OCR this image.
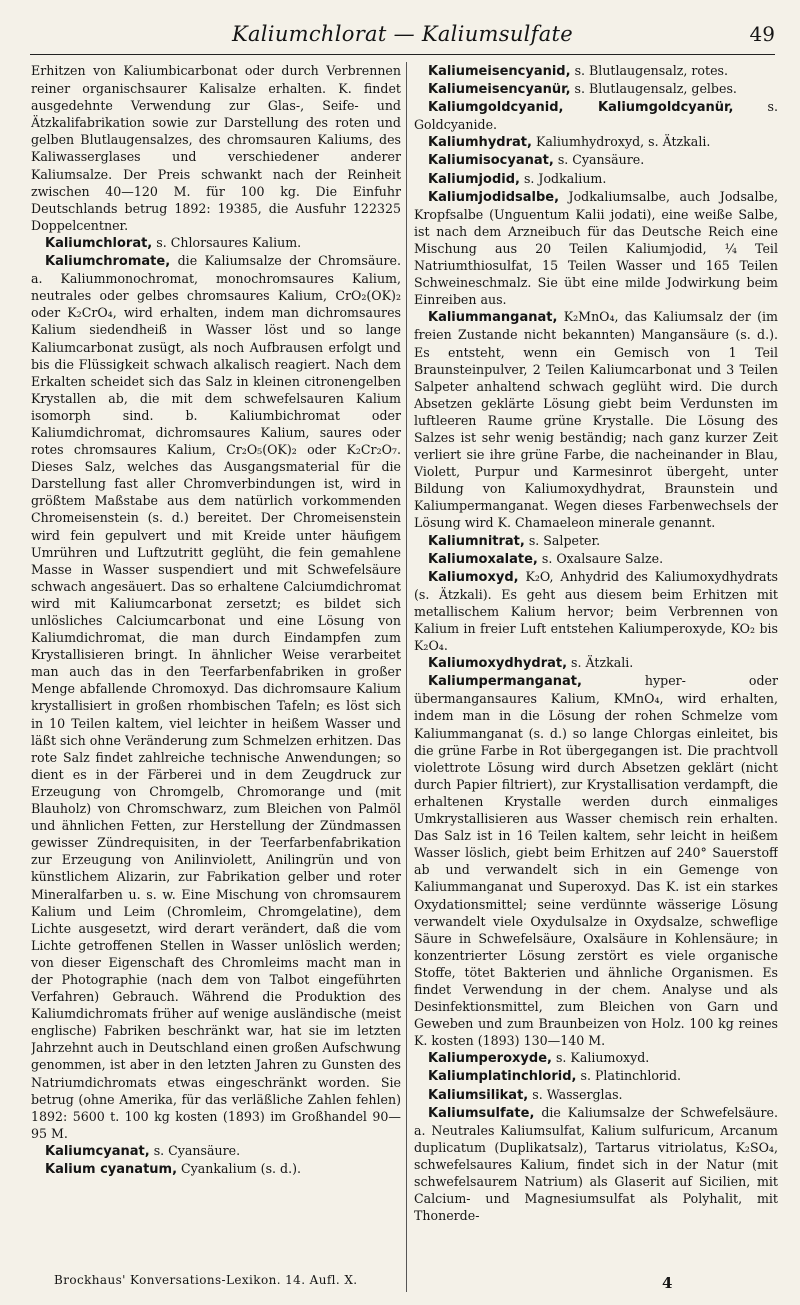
Kaliumchlorat — Kaliumsulfate	49

Erhitzen von Kaliumbicarbonat oder durch Verbrennen reiner organischsaurer Kalisalze erhalten. K. findet ausgedehnte Verwendung zur Glas-, Seife- und Ätzkalifabrikation sowie zur Darstellung des roten und gelben Blutlaugensalzes, des chromsauren Kaliums, des Kaliwasserglases und verschiedener anderer Kaliumsalze. Der Preis schwankt nach der Reinheit zwischen 40—120 M. für 100 kg. Die Einfuhr Deutschlands betrug 1892: 19385, die Ausfuhr 122325 Doppelcentner.

Kaliumchlorat, s. Chlorsaures Kalium.

Kaliumchromate, die Kaliumsalze der Chromsäure. a. Kaliummonochromat, monochromsaures Kalium, neutrales oder gelbes chromsaures Kalium, CrO₂(OK)₂ oder K₂CrO₄, wird erhalten, indem man dichromsaures Kalium siedendheiß in Wasser löst und so lange Kaliumcarbonat zusügt, als noch Aufbrausen erfolgt und bis die Flüssigkeit schwach alkalisch reagiert. Nach dem Erkalten scheidet sich das Salz in kleinen citronengelben Krystallen ab, die mit dem schwefelsauren Kalium isomorph sind. b. Kaliumbichromat oder Kaliumdichromat, dichromsaures Kalium, saures oder rotes chromsaures Kalium, Cr₂O₅(OK)₂ oder K₂Cr₂O₇. Dieses Salz, welches das Ausgangsmaterial für die Darstellung fast aller Chromverbindungen ist, wird in größtem Maßstabe aus dem natürlich vorkommenden Chromeisenstein (s. d.) bereitet. Der Chromeisenstein wird fein gepulvert und mit Kreide unter häufigem Umrühren und Luftzutritt geglüht, die fein gemahlene Masse in Wasser suspendiert und mit Schwefelsäure schwach angesäuert. Das so erhaltene Calciumdichromat wird mit Kaliumcarbonat zersetzt; es bildet sich unlösliches Calciumcarbonat und eine Lösung von Kaliumdichromat, die man durch Eindampfen zum Krystallisieren bringt. In ähnlicher Weise verarbeitet man auch das in den Teerfarbenfabriken in großer Menge abfallende Chromoxyd. Das dichromsaure Kalium krystallisiert in großen rhombischen Tafeln; es löst sich in 10 Teilen kaltem, viel leichter in heißem Wasser und läßt sich ohne Veränderung zum Schmelzen erhitzen. Das rote Salz findet zahlreiche technische Anwendungen; so dient es in der Färberei und in dem Zeugdruck zur Erzeugung von Chromgelb, Chromorange und (mit Blauholz) von Chromschwarz, zum Bleichen von Palmöl und ähnlichen Fetten, zur Herstellung der Zündmassen gewisser Zündrequisiten, in der Teerfarbenfabrikation zur Erzeugung von Anilinviolett, Anilingrün und von künstlichem Alizarin, zur Fabrikation gelber und roter Mineralfarben u. s. w. Eine Mischung von chromsaurem Kalium und Leim (Chromleim, Chromgelatine), dem Lichte ausgesetzt, wird derart verändert, daß die vom Lichte getroffenen Stellen in Wasser unlöslich werden; von dieser Eigenschaft des Chromleims macht man in der Photographie (nach dem von Talbot eingeführten Verfahren) Gebrauch. Während die Produktion des Kaliumdichromats früher auf wenige ausländische (meist englische) Fabriken beschränkt war, hat sie im letzten Jahrzehnt auch in Deutschland einen großen Aufschwung genommen, ist aber in den letzten Jahren zu Gunsten des Natriumdichromats etwas eingeschränkt worden. Sie betrug (ohne Amerika, für das verläßliche Zahlen fehlen) 1892: 5600 t. 100 kg kosten (1893) im Großhandel 90—95 M.

Kaliumcyanat, s. Cyansäure.

Kalium cyanatum, Cyankalium (s. d.).

Kaliumeisencyanid, s. Blutlaugensalz, rotes.

Kaliumeisencyanür, s. Blutlaugensalz, gelbes.

Kaliumgoldcyanid, Kaliumgoldcyanür, s. Goldcyanide.

Kaliumhydrat, Kaliumhydroxyd, s. Ätzkali.

Kaliumisocyanat, s. Cyansäure.

Kaliumjodid, s. Jodkalium.

Kaliumjodidsalbe, Jodkaliumsalbe, auch Jodsalbe, Kropfsalbe (Unguentum Kalii jodati), eine weiße Salbe, ist nach dem Arzneibuch für das Deutsche Reich eine Mischung aus 20 Teilen Kaliumjodid, ¼ Teil Natriumthiosulfat, 15 Teilen Wasser und 165 Teilen Schweineschmalz. Sie übt eine milde Jodwirkung beim Einreiben aus.

Kaliummanganat, K₂MnO₄, das Kaliumsalz der (im freien Zustande nicht bekannten) Mangansäure (s. d.). Es entsteht, wenn ein Gemisch von 1 Teil Braunsteinpulver, 2 Teilen Kaliumcarbonat und 3 Teilen Salpeter anhaltend schwach geglüht wird. Die durch Absetzen geklärte Lösung giebt beim Verdunsten im luftleeren Raume grüne Krystalle. Die Lösung des Salzes ist sehr wenig beständig; nach ganz kurzer Zeit verliert sie ihre grüne Farbe, die nacheinander in Blau, Violett, Purpur und Karmesinrot übergeht, unter Bildung von Kaliumoxydhydrat, Braunstein und Kaliumpermanganat. Wegen dieses Farbenwechsels der Lösung wird K. Chamaeleon minerale genannt.

Kaliumnitrat, s. Salpeter.

Kaliumoxalate, s. Oxalsaure Salze.

Kaliumoxyd, K₂O, Anhydrid des Kaliumoxydhydrats (s. Ätzkali). Es geht aus diesem beim Erhitzen mit metallischem Kalium hervor; beim Verbrennen von Kalium in freier Luft entstehen Kaliumperoxyde, KO₂ bis K₂O₄.

Kaliumoxydhydrat, s. Ätzkali.

Kaliumpermanganat, hyper- oder übermangansaures Kalium, KMnO₄, wird erhalten, indem man in die Lösung der rohen Schmelze vom Kaliummanganat (s. d.) so lange Chlorgas einleitet, bis die grüne Farbe in Rot übergegangen ist. Die prachtvoll violettrote Lösung wird durch Absetzen geklärt (nicht durch Papier filtriert), zur Krystallisation verdampft, die erhaltenen Krystalle werden durch einmaliges Umkrystallisieren aus Wasser chemisch rein erhalten. Das Salz ist in 16 Teilen kaltem, sehr leicht in heißem Wasser löslich, giebt beim Erhitzen auf 240° Sauerstoff ab und verwandelt sich in ein Gemenge von Kaliummanganat und Superoxyd. Das K. ist ein starkes Oxydationsmittel; seine verdünnte wässerige Lösung verwandelt viele Oxydulsalze in Oxydsalze, schweflige Säure in Schwefelsäure, Oxalsäure in Kohlensäure; in konzentrierter Lösung zerstört es viele organische Stoffe, tötet Bakterien und ähnliche Organismen. Es findet Verwendung in der chem. Analyse und als Desinfektionsmittel, zum Bleichen von Garn und Geweben und zum Braunbeizen von Holz. 100 kg reines K. kosten (1893) 130—140 M.

Kaliumperoxyde, s. Kaliumoxyd.

Kaliumplatinchlorid, s. Platinchlorid.

Kaliumsilikat, s. Wasserglas.

Kaliumsulfate, die Kaliumsalze der Schwefelsäure. a. Neutrales Kaliumsulfat, Kalium sulfuricum, Arcanum duplicatum (Duplikatsalz), Tartarus vitriolatus, K₂SO₄, schwefelsaures Kalium, findet sich in der Natur (mit schwefelsaurem Natrium) als Glaserit auf Sicilien, mit Calcium- und Magnesiumsulfat als Polyhalit, mit Thonerde-

Brockhaus' Konversations-Lexikon. 14. Aufl. X.	4
